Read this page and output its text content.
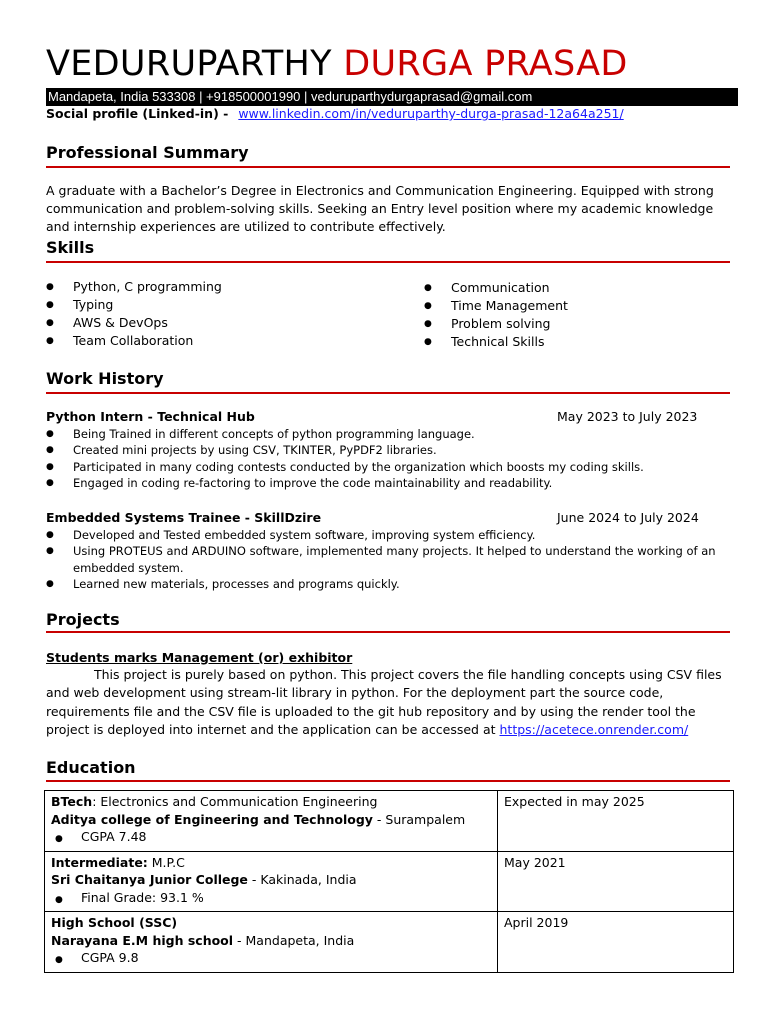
VEDURUPARTHY DURGA PRASAD
Mandapeta, India 533308 | +918500001990 | veduruparthydurgaprasad@gmail.com
Social profile (Linked-in) - www.linkedin.com/in/veduruparthy-durga-prasad-12a64a251/
Professional Summary
A graduate with a Bachelor’s Degree in Electronics and Communication Engineering. Equipped with strong communication and problem-solving skills. Seeking an Entry level position where my academic knowledge and internship experiences are utilized to contribute effectively.
Skills
● Python, C programming
● Typing
● AWS & DevOps
● Team Collaboration
● Communication
● Time Management
● Problem solving
● Technical Skills
Work History
Python Intern - Technical Hub	May 2023 to July 2023
● Being Trained in different concepts of python programming language.
● Created mini projects by using CSV, TKINTER, PyPDF2 libraries.
● Participated in many coding contests conducted by the organization which boosts my coding skills.
● Engaged in coding re-factoring to improve the code maintainability and readability.
Embedded Systems Trainee - SkillDzire	June 2024 to July 2024
● Developed and Tested embedded system software, improving system efficiency.
● Using PROTEUS and ARDUINO software, implemented many projects. It helped to understand the working of an embedded system.
● Learned new materials, processes and programs quickly.
Projects
Students marks Management (or) exhibitor
This project is purely based on python. This project covers the file handling concepts using CSV files and web development using stream-lit library in python. For the deployment part the source code, requirements file and the CSV file is uploaded to the git hub repository and by using the render tool the project is deployed into internet and the application can be accessed at https://acetece.onrender.com/
Education
BTech: Electronics and Communication Engineering
Aditya college of Engineering and Technology - Surampalem
● CGPA 7.48	Expected in may 2025
Intermediate: M.P.C
Sri Chaitanya Junior College - Kakinada, India
● Final Grade: 93.1 %	May 2021
High School (SSC)
Narayana E.M high school - Mandapeta, India
● CGPA 9.8	April 2019
